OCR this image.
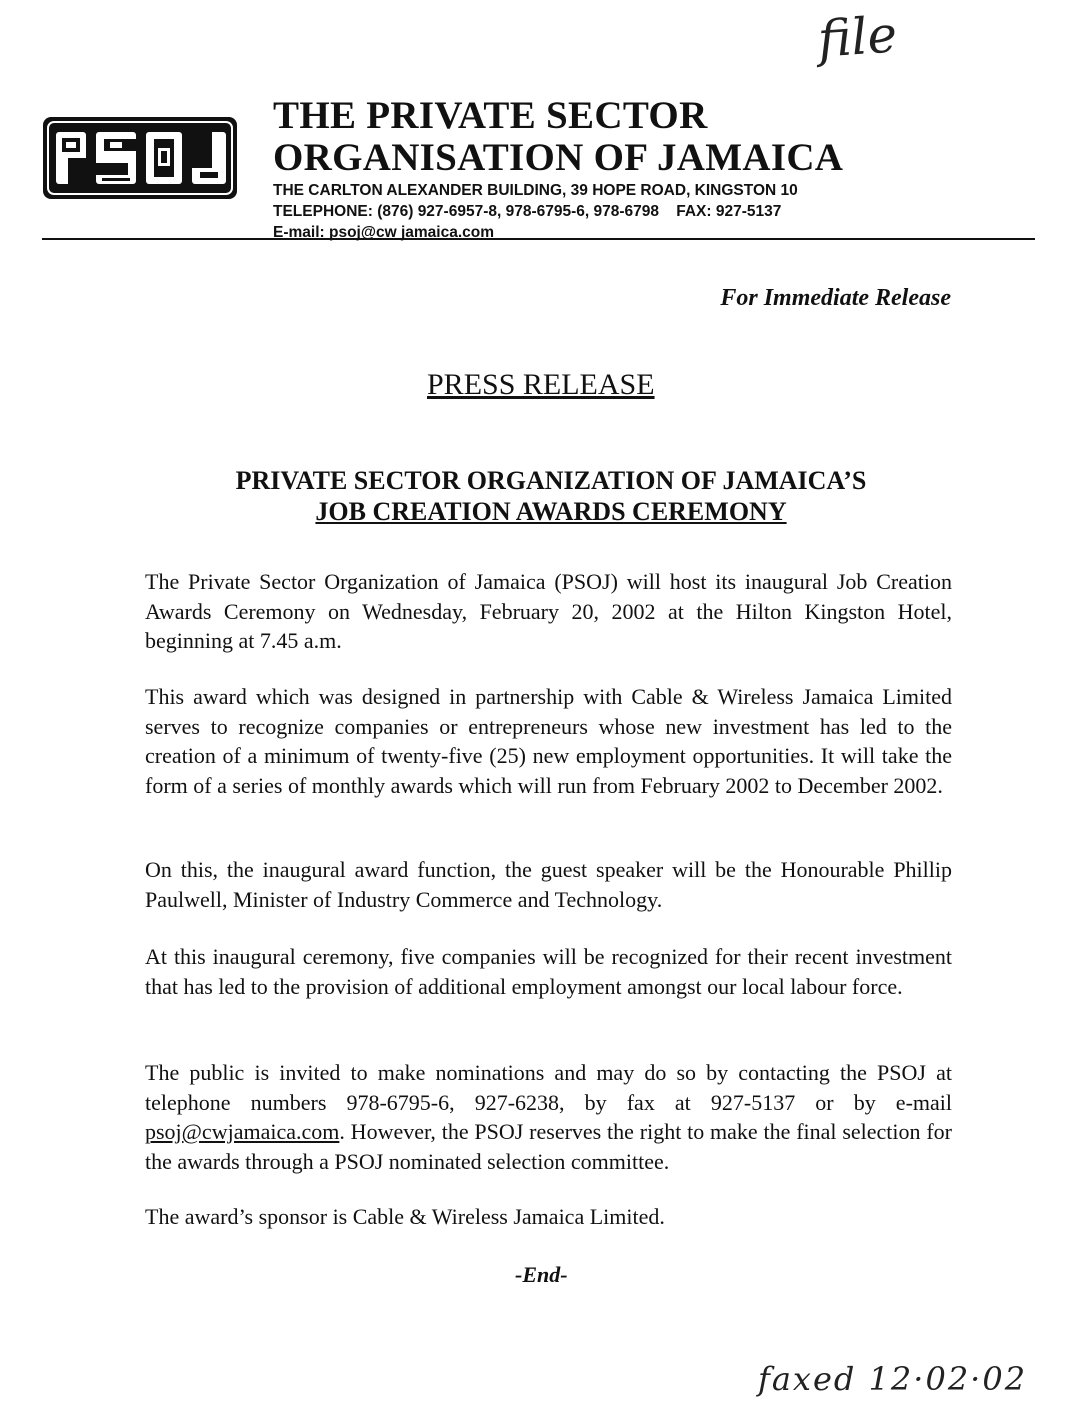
file
THE PRIVATE SECTOR
ORGANISATION OF JAMAICA
THE CARLTON ALEXANDER BUILDING, 39 HOPE ROAD, KINGSTON 10
TELEPHONE: (876) 927-6957-8, 978-6795-6, 978-6798    FAX: 927-5137
E-mail: psoj@cw jamaica.com
For Immediate Release
PRESS RELEASE
PRIVATE SECTOR ORGANIZATION OF JAMAICA’S
JOB CREATION AWARDS CEREMONY
The Private Sector Organization of Jamaica (PSOJ) will host its inaugural Job Creation Awards Ceremony on Wednesday, February 20, 2002 at the Hilton Kingston Hotel, beginning at 7.45 a.m.
This award which was designed in partnership with Cable & Wireless Jamaica Limited serves to recognize companies or entrepreneurs whose new investment has led to the creation of a minimum of twenty-five (25) new employment opportunities. It will take the form of a series of monthly awards which will run from February 2002 to December 2002.
On this, the inaugural award function, the guest speaker will be the Honourable Phillip Paulwell, Minister of Industry Commerce and Technology.
At this inaugural ceremony, five companies will be recognized for their recent investment that has led to the provision of additional employment amongst our local labour force.
The public is invited to make nominations and may do so by contacting the PSOJ at telephone numbers 978-6795-6, 927-6238, by fax at 927-5137 or by e-mail psoj@cwjamaica.com. However, the PSOJ reserves the right to make the final selection for the awards through a PSOJ nominated selection committee.
The award’s sponsor is Cable & Wireless Jamaica Limited.
-End-
faxed 12·02·02
